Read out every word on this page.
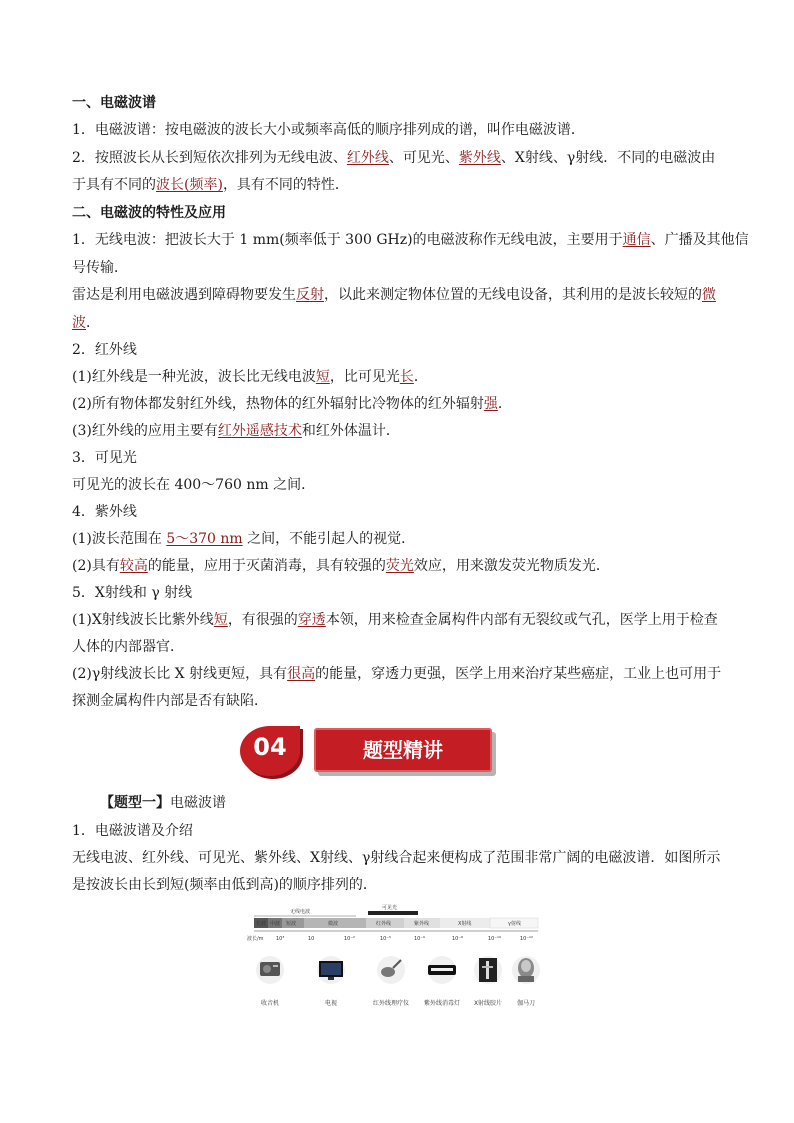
一、电磁波谱
1．电磁波谱：按电磁波的波长大小或频率高低的顺序排列成的谱，叫作电磁波谱．
2．按照波长从长到短依次排列为无线电波、红外线、可见光、紫外线、X射线、γ射线．不同的电磁波由
于具有不同的波长(频率)，具有不同的特性．
二、电磁波的特性及应用
1．无线电波：把波长大于 1 mm(频率低于 300 GHz)的电磁波称作无线电波，主要用于通信、广播及其他信
号传输．
雷达是利用电磁波遇到障碍物要发生反射，以此来测定物体位置的无线电设备，其利用的是波长较短的微
波．
2．红外线
(1)红外线是一种光波，波长比无线电波短，比可见光长．
(2)所有物体都发射红外线，热物体的红外辐射比冷物体的红外辐射强．
(3)红外线的应用主要有红外遥感技术和红外体温计．
3．可见光
可见光的波长在 400～760 nm 之间．
4．紫外线
(1)波长范围在 5～370 nm 之间，不能引起人的视觉．
(2)具有较高的能量，应用于灭菌消毒，具有较强的荧光效应，用来激发荧光物质发光．
5．X射线和 γ 射线
(1)X射线波长比紫外线短，有很强的穿透本领，用来检查金属构件内部有无裂纹或气孔，医学上用于检查
人体的内部器官．
(2)γ射线波长比 X 射线更短，具有很高的能量，穿透力更强，医学上用来治疗某些癌症，工业上也可用于
探测金属构件内部是否有缺陷．
04	题型精讲
【题型一】电磁波谱
1．电磁波谱及介绍
无线电波、红外线、可见光、紫外线、X射线、γ射线合起来便构成了范围非常广阔的电磁波谱．如图所示
是按波长由长到短(频率由低到高)的顺序排列的．
无线电波
可见光
长波 中波 短波	微波	红外线	紫外线	X射线	γ射线
波长/m 10³	10	10⁻²	10⁻⁵	10⁻⁶	10⁻⁸	10⁻¹⁰	10⁻¹²
收音机	电视	红外线理疗仪	紫外线消毒灯	X射线胶片	伽马刀
